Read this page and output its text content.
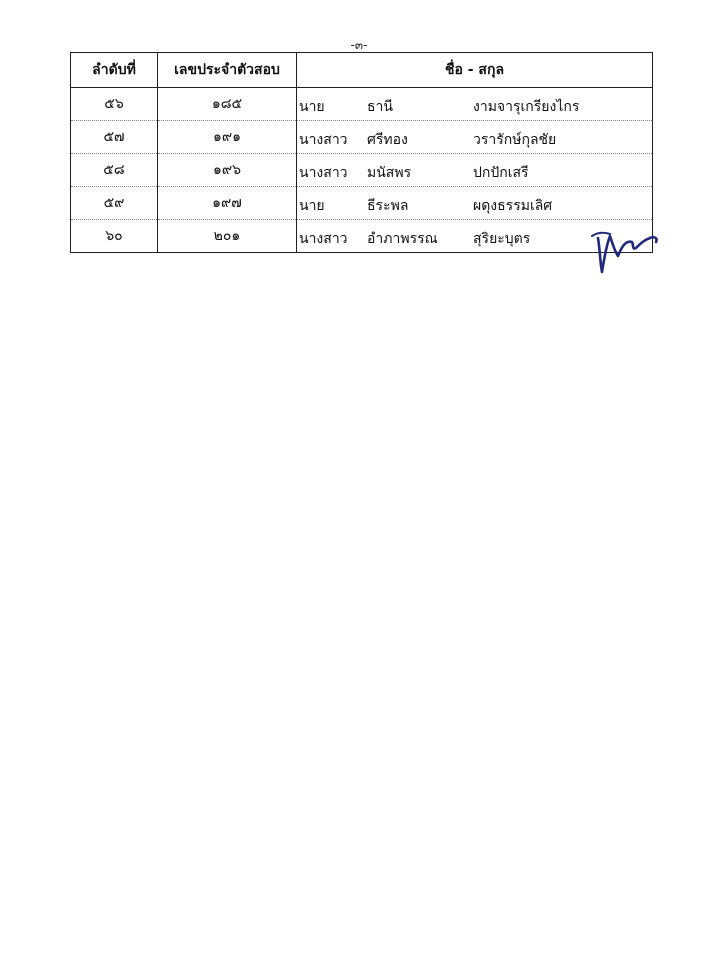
-๓-
ลำดับที่	เลขประจำตัวสอบ	ชื่อ - สกุล
๕๖	๑๘๕	นาย ธานี งามจารุเกรียงไกร

๕๗	๑๙๑	นางสาว ศรีทอง วรารักษ์กุลชัย

๕๘	๑๙๖	นางสาว มนัสพร ปกปักเสรี

๕๙	๑๙๗	นาย ธีระพล ผดุงธรรมเลิศ

๖๐	๒๐๑	นางสาว อำภาพรรณ สุริยะบุตร
